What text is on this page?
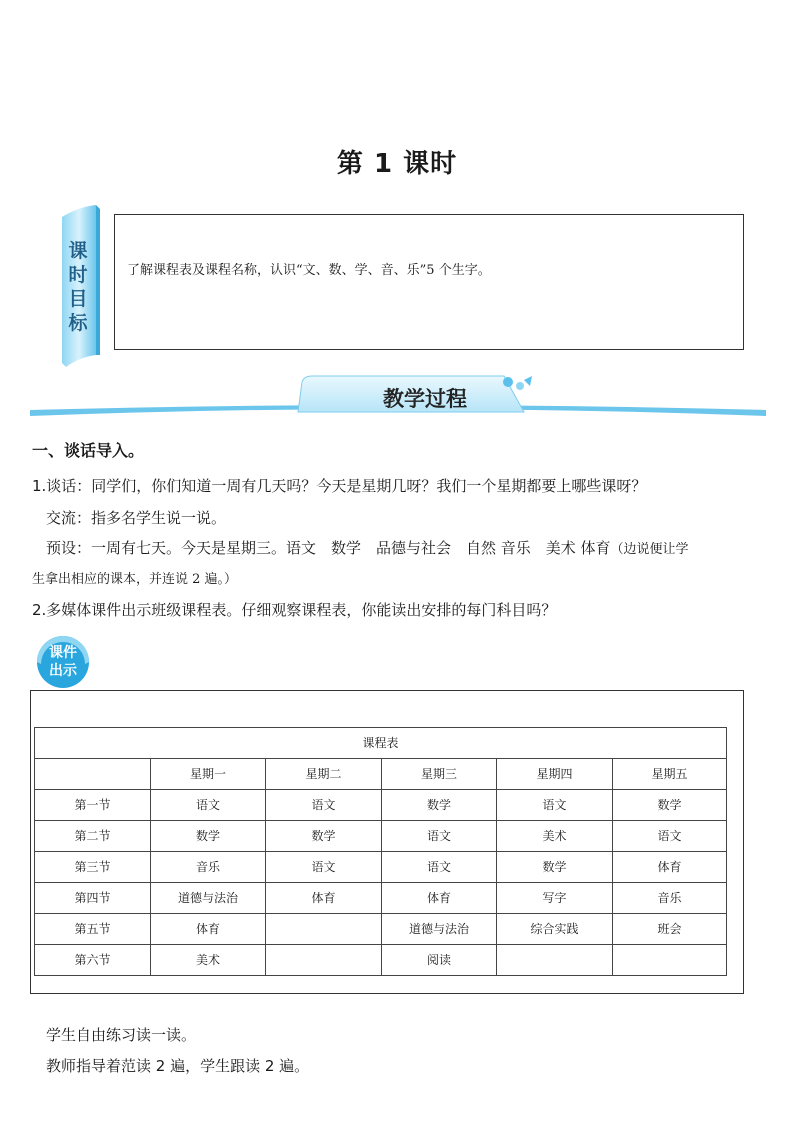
第 1 课时
课
时
目
标
了解课程表及课程名称，认识“文、数、学、音、乐”5 个生字。
教学过程
一、谈话导入。
1.谈话：同学们，你们知道一周有几天吗？今天是星期几呀？我们一个星期都要上哪些课呀？
交流：指多名学生说一说。
预设：一周有七天。今天是星期三。语文　数学　品德与社会　自然 音乐　美术 体育（边说便让学
生拿出相应的课本，并连说 2 遍。）
2.多媒体课件出示班级课程表。仔细观察课程表，你能读出安排的每门科目吗？
课件
出示
课程表					
	星期一	星期二	星期三	星期四	星期五
第一节	语文	语文	数学	语文	数学
第二节	数学	数学	语文	美术	语文
第三节	音乐	语文	语文	数学	体育
第四节	道德与法治	体育	体育	写字	音乐
第五节	体育		道德与法治	综合实践	班会
第六节	美术		阅读		
学生自由练习读一读。
教师指导着范读 2 遍，学生跟读 2 遍。
